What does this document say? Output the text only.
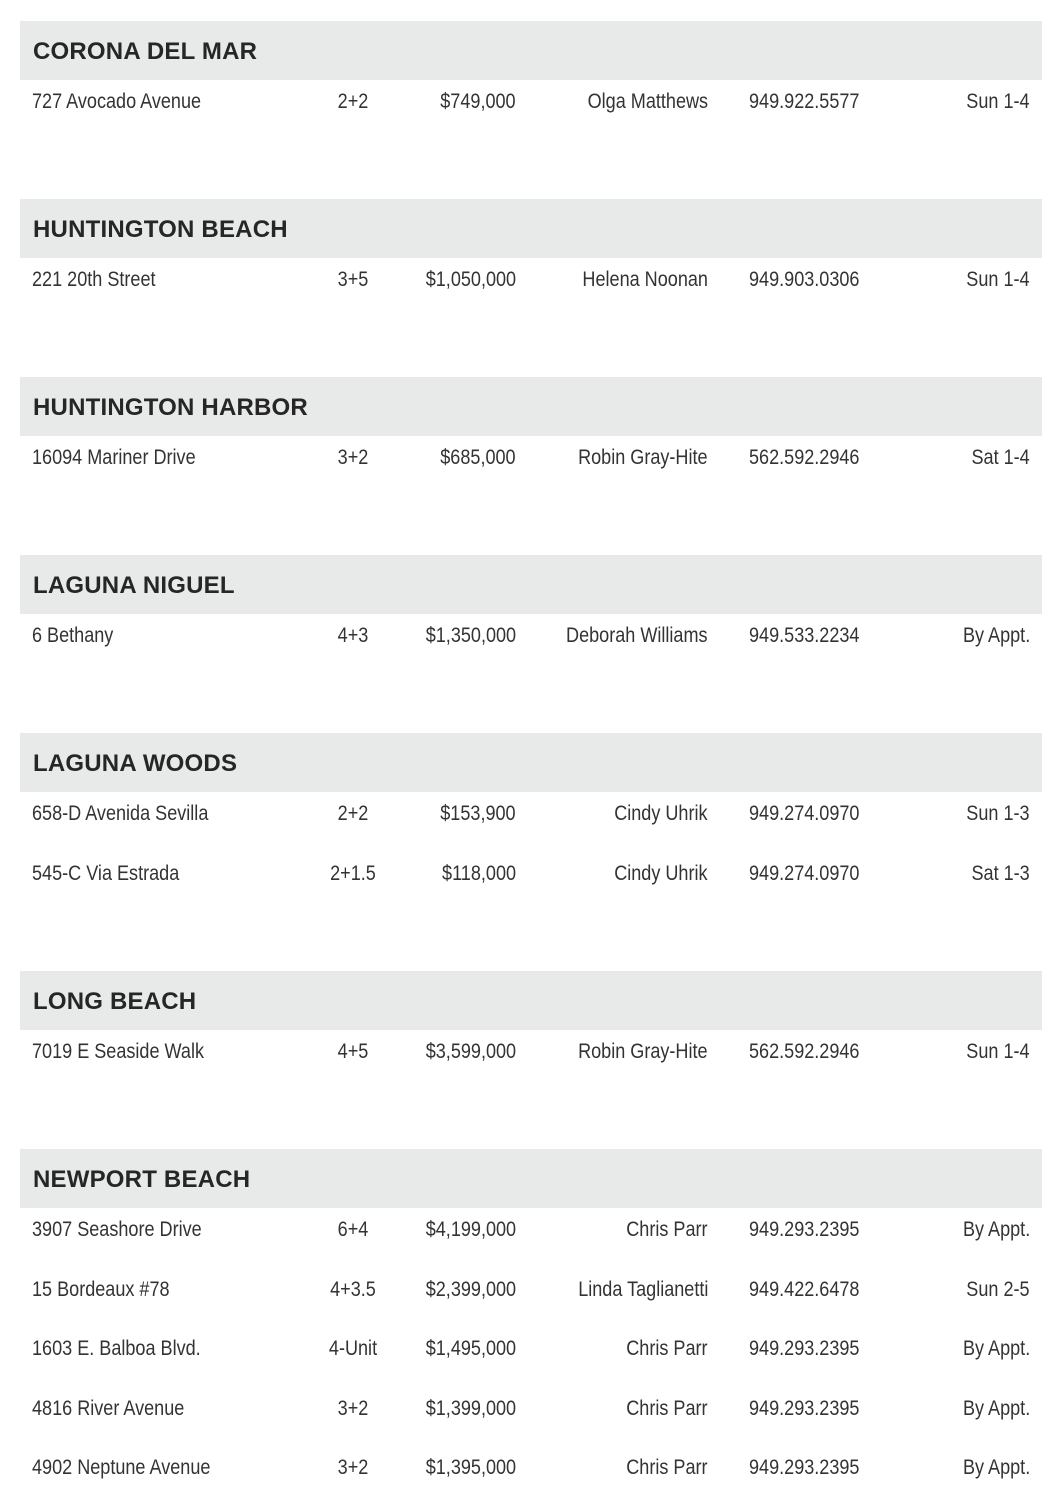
CORONA DEL MAR
727 Avocado Avenue	2+2	$749,000	Olga Matthews 949.922.5577	Sun 1-4
HUNTINGTON BEACH
221 20th Street	3+5	$1,050,000	Helena Noonan 949.903.0306	Sun 1-4
HUNTINGTON HARBOR
16094 Mariner Drive	3+2	$685,000	Robin Gray-Hite 562.592.2946	Sat 1-4
LAGUNA NIGUEL
6 Bethany	4+3	$1,350,000 Deborah Williams 949.533.2234	By Appt.
LAGUNA WOODS
658-D Avenida Sevilla	2+2	$153,900	Cindy Uhrik 949.274.0970	Sun 1-3
545-C Via Estrada	2+1.5	$118,000	Cindy Uhrik 949.274.0970	Sat 1-3
LONG BEACH
7019 E Seaside Walk	4+5	$3,599,000	Robin Gray-Hite 562.592.2946	Sun 1-4
NEWPORT BEACH
3907 Seashore Drive	6+4	$4,199,000	Chris Parr 949.293.2395	By Appt.
15 Bordeaux #78	4+3.5	$2,399,000	Linda Taglianetti 949.422.6478	Sun 2-5
1603 E. Balboa Blvd.	4-Unit	$1,495,000	Chris Parr 949.293.2395	By Appt.
4816 River Avenue	3+2	$1,399,000	Chris Parr 949.293.2395	By Appt.
4902 Neptune Avenue	3+2	$1,395,000	Chris Parr 949.293.2395	By Appt.
